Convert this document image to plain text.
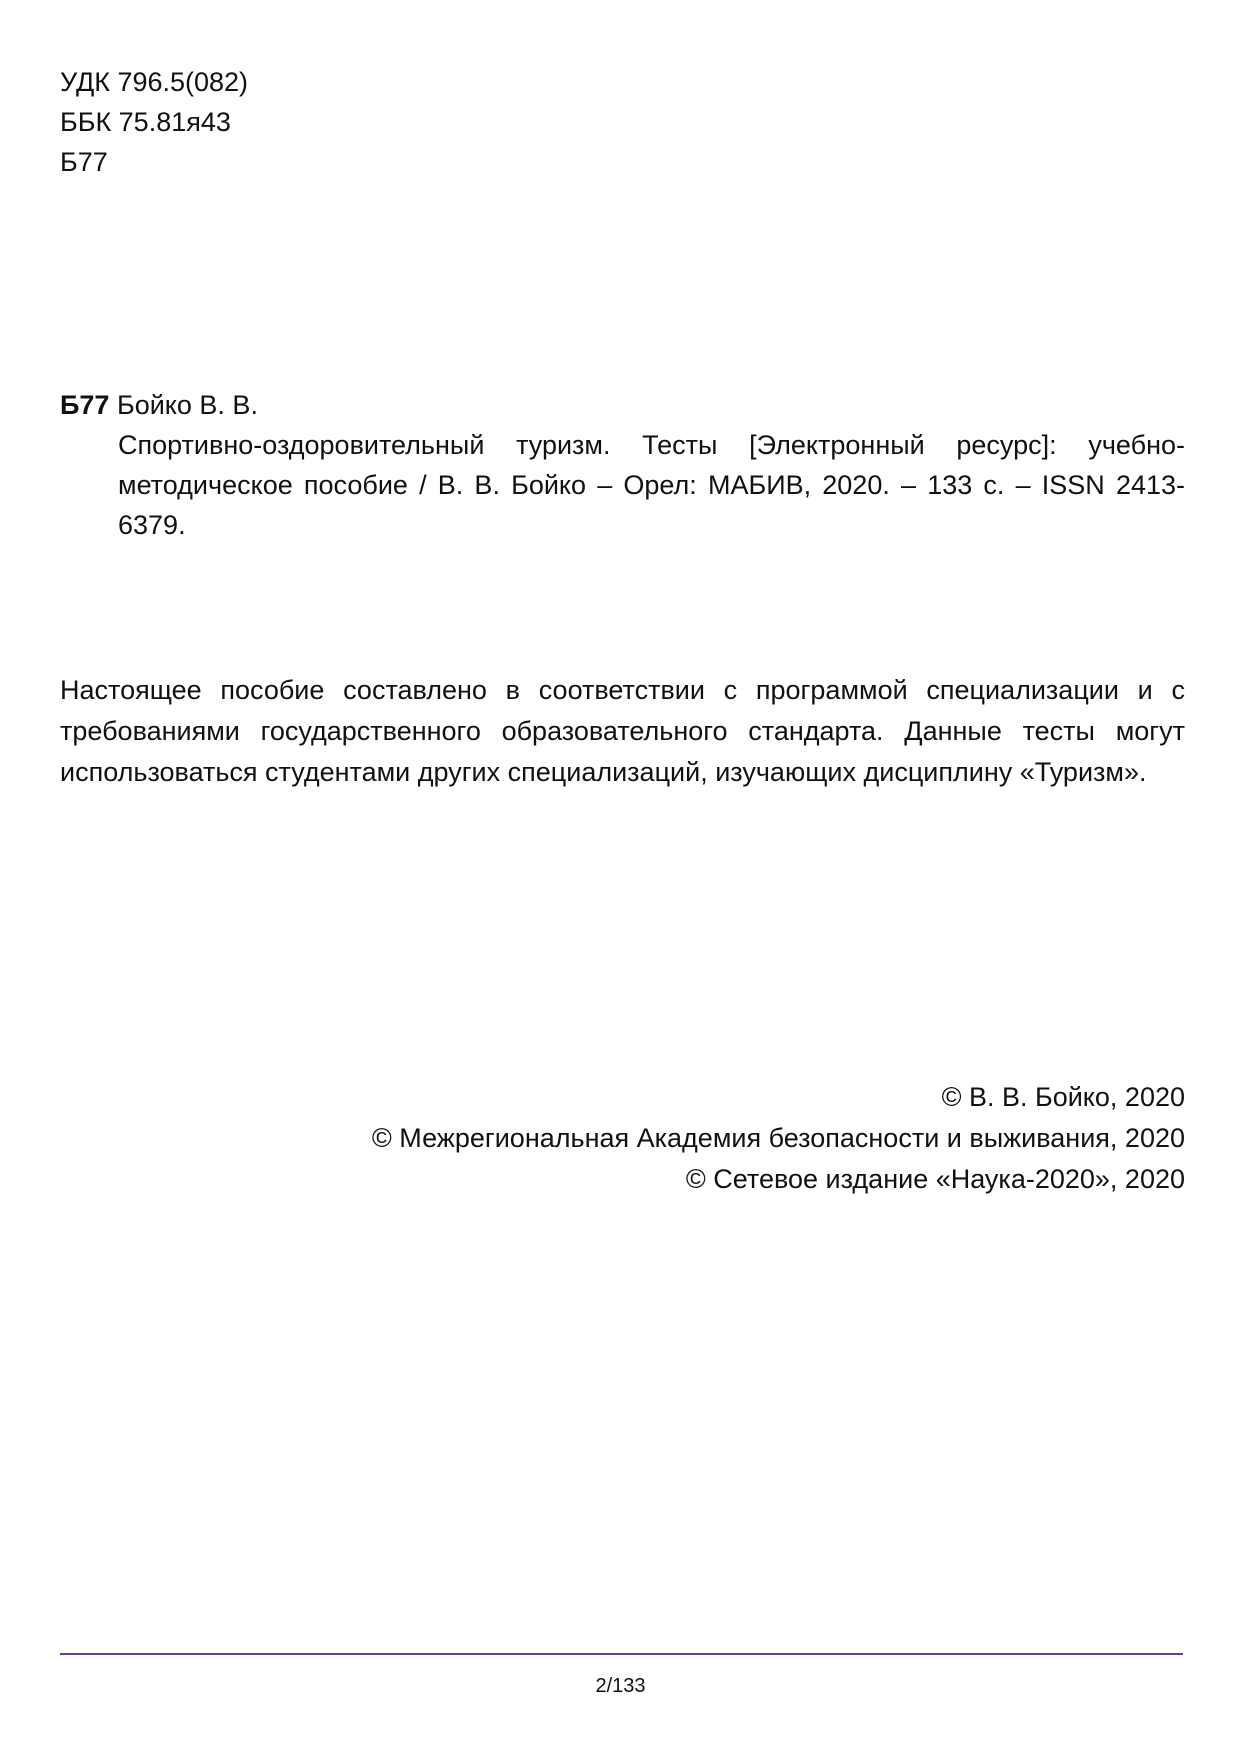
УДК 796.5(082)
ББК 75.81я43
Б77
Б77 Бойко В. В.
Спортивно-оздоровительный туризм. Тесты [Электронный ресурс]: учебно-методическое пособие / В. В. Бойко – Орел: МАБИВ, 2020. – 133 с. – ISSN 2413-6379.
Настоящее пособие составлено в соответствии с программой специализации и с требованиями государственного образовательного стандарта. Данные тесты могут использоваться студентами других специализаций, изучающих дисциплину «Туризм».
© В. В. Бойко, 2020
© Межрегиональная Академия безопасности и выживания, 2020
© Сетевое издание «Наука-2020», 2020
2/133
